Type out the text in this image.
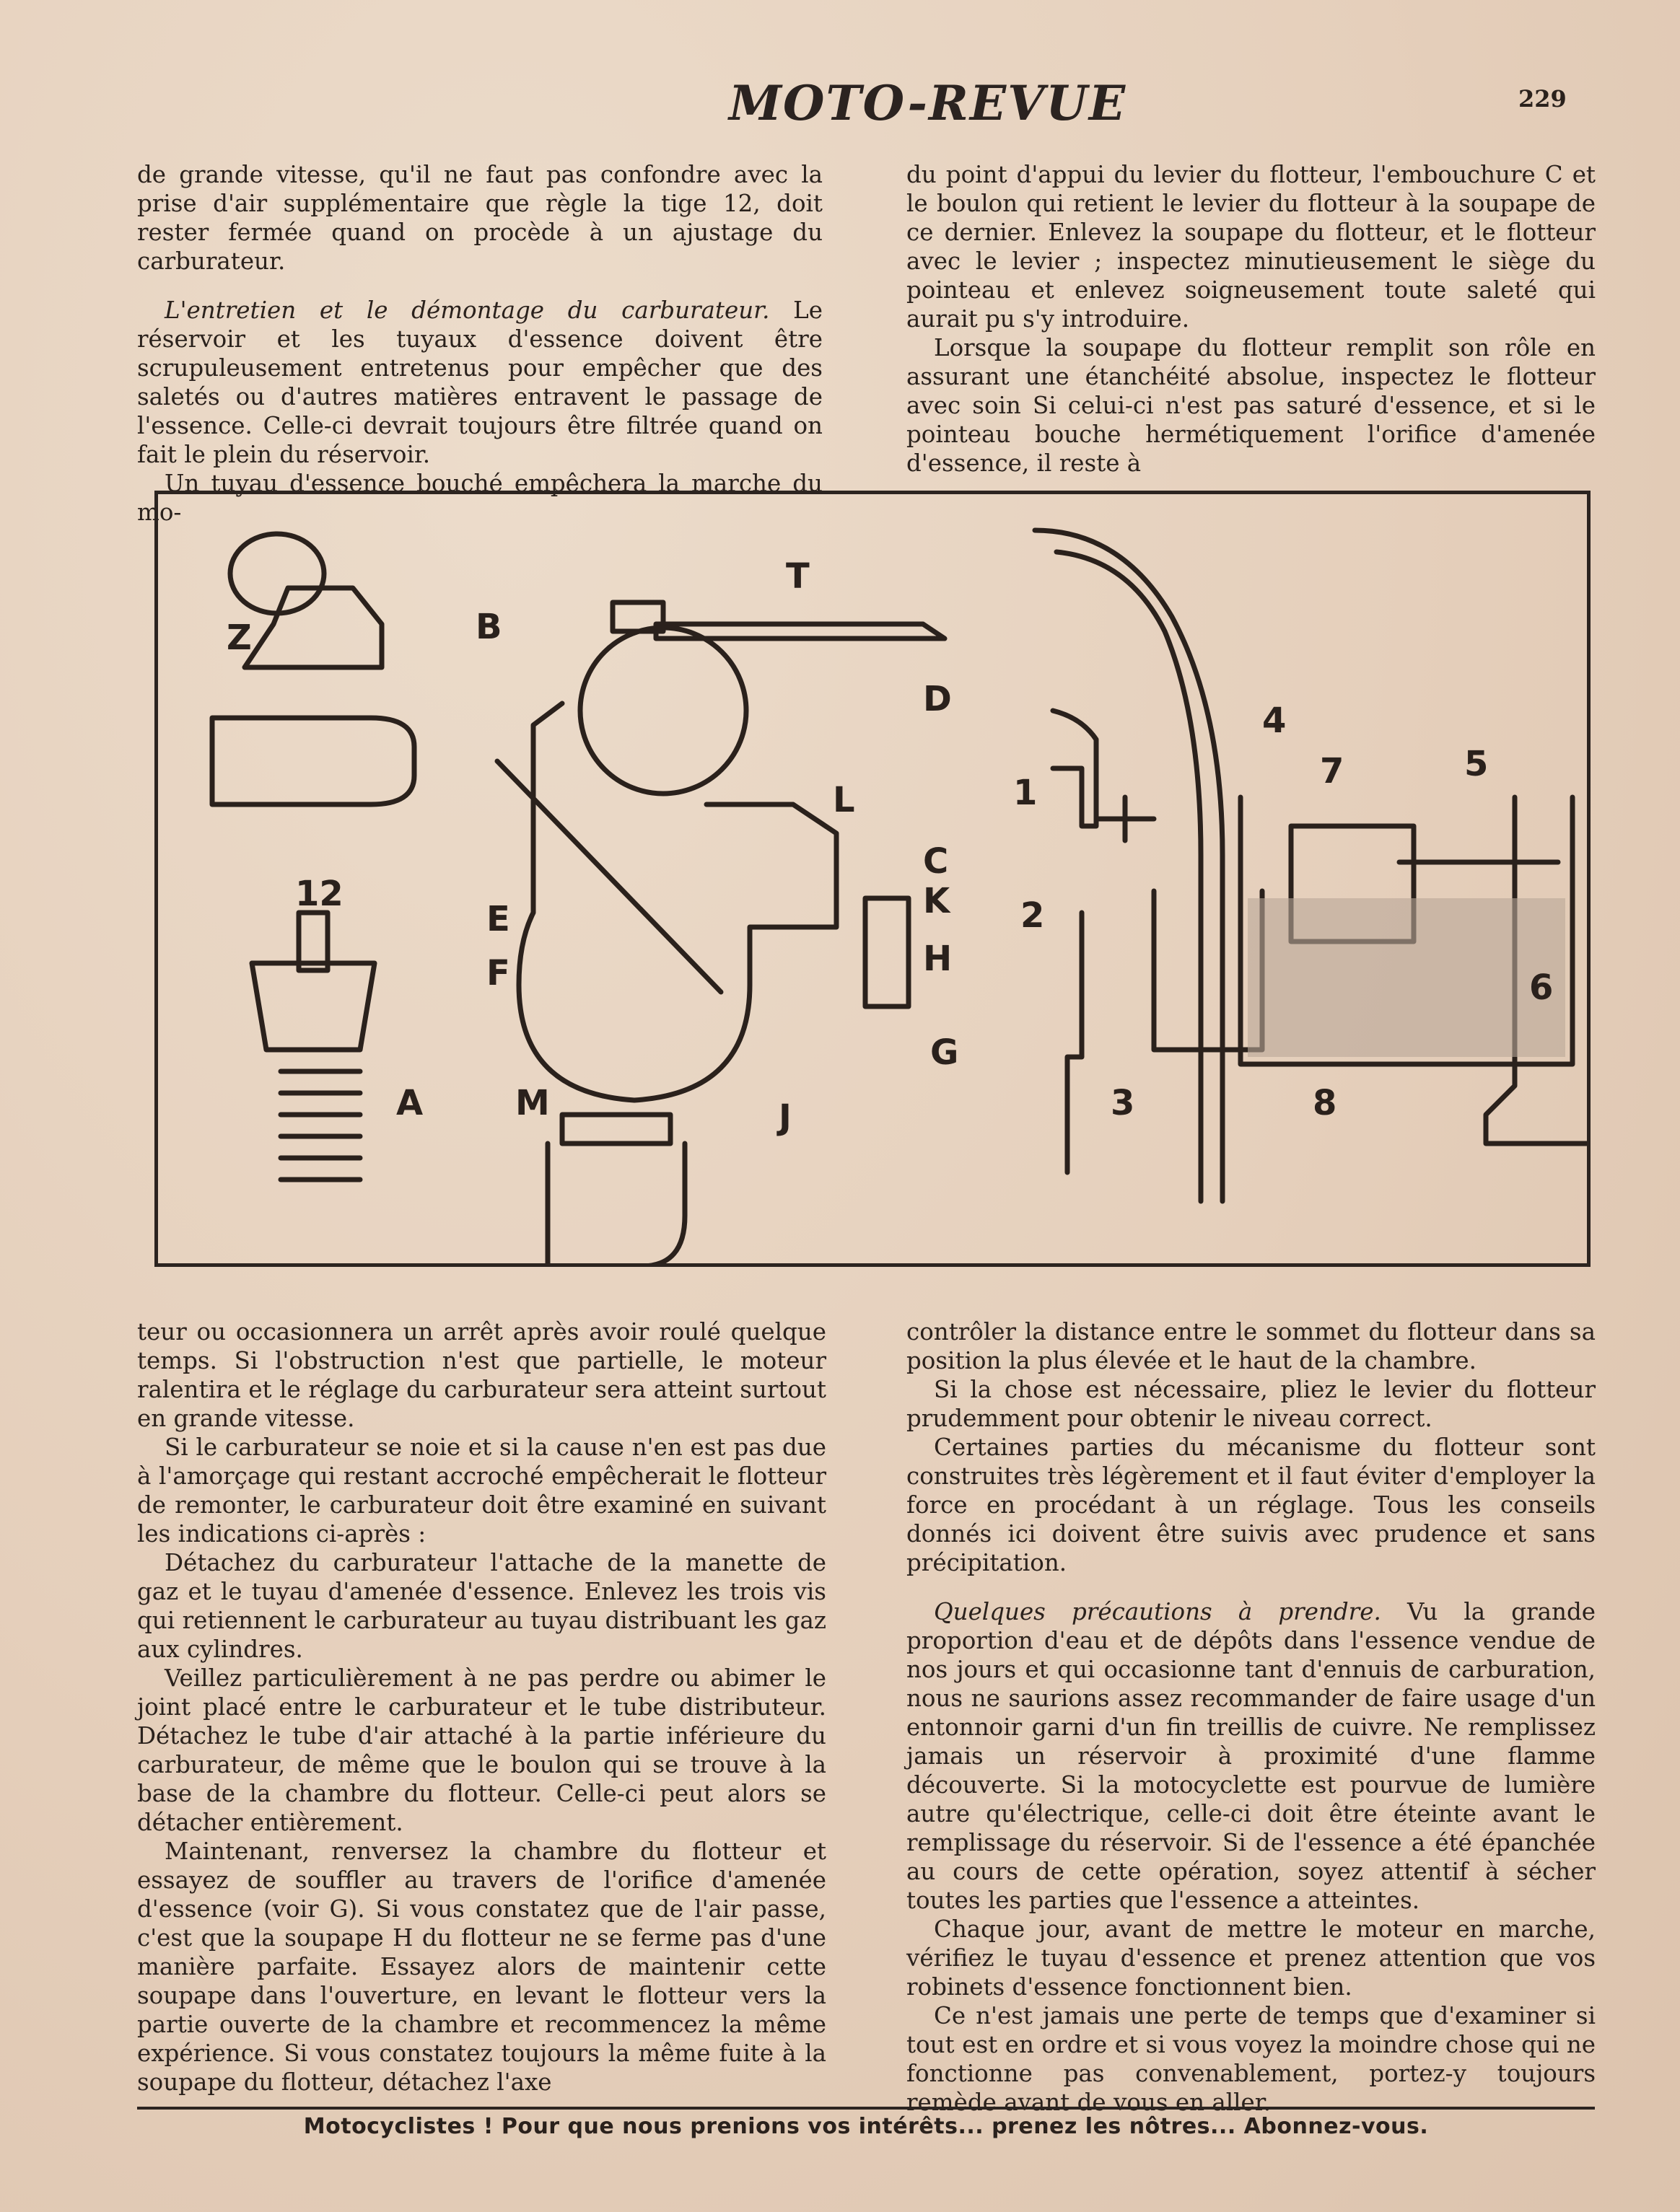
MOTO-REVUE	229

de grande vitesse, qu'il ne faut pas confondre avec la prise d'air supplémentaire que règle la tige 12, doit rester fermée quand on procède à un ajustage du carburateur.

L'entretien et le démontage du carburateur. Le réservoir et les tuyaux d'essence doivent être scrupuleusement entretenus pour empêcher que des saletés ou d'autres matières entravent le passage de l'essence. Celle-ci devrait toujours être filtrée quand on fait le plein du réservoir.

Un tuyau d'essence bouché empêchera la marche du mo-

du point d'appui du levier du flotteur, l'embouchure C et le boulon qui retient le levier du flotteur à la soupape de ce dernier. Enlevez la soupape du flotteur, et le flotteur avec le levier ; inspectez minutieusement le siège du pointeau et enlevez soigneusement toute saleté qui aurait pu s'y introduire.

Lorsque la soupape du flotteur remplit son rôle en assurant une étanchéité absolue, inspectez le flotteur avec soin Si celui-ci n'est pas saturé d'essence, et si le pointeau bouche hermétiquement l'orifice d'amenée d'essence, il reste à

Z	B
T
D
L
C
K
E
F	H
G
M	J
12
A
4
5
7
1
2
6
3	8

teur ou occasionnera un arrêt après avoir roulé quelque temps. Si l'obstruction n'est que partielle, le moteur ralentira et le réglage du carburateur sera atteint surtout en grande vitesse.

Si le carburateur se noie et si la cause n'en est pas due à l'amorçage qui restant accroché empêcherait le flotteur de remonter, le carburateur doit être examiné en suivant les indications ci-après :

Détachez du carburateur l'attache de la manette de gaz et le tuyau d'amenée d'essence. Enlevez les trois vis qui retiennent le carburateur au tuyau distribuant les gaz aux cylindres.

Veillez particulièrement à ne pas perdre ou abimer le joint placé entre le carburateur et le tube distributeur. Détachez le tube d'air attaché à la partie inférieure du carburateur, de même que le boulon qui se trouve à la base de la chambre du flotteur. Celle-ci peut alors se détacher entièrement.

Maintenant, renversez la chambre du flotteur et essayez de souffler au travers de l'orifice d'amenée d'essence (voir G). Si vous constatez que de l'air passe, c'est que la soupape H du flotteur ne se ferme pas d'une manière parfaite. Essayez alors de maintenir cette soupape dans l'ouverture, en levant le flotteur vers la partie ouverte de la chambre et recommencez la même expérience. Si vous constatez toujours la même fuite à la soupape du flotteur, détachez l'axe

contrôler la distance entre le sommet du flotteur dans sa position la plus élevée et le haut de la chambre.

Si la chose est nécessaire, pliez le levier du flotteur prudemment pour obtenir le niveau correct.

Certaines parties du mécanisme du flotteur sont construites très légèrement et il faut éviter d'employer la force en procédant à un réglage. Tous les conseils donnés ici doivent être suivis avec prudence et sans précipitation.

Quelques précautions à prendre. Vu la grande proportion d'eau et de dépôts dans l'essence vendue de nos jours et qui occasionne tant d'ennuis de carburation, nous ne saurions assez recommander de faire usage d'un entonnoir garni d'un fin treillis de cuivre. Ne remplissez jamais un réservoir à proximité d'une flamme découverte. Si la motocyclette est pourvue de lumière autre qu'électrique, celle-ci doit être éteinte avant le remplissage du réservoir. Si de l'essence a été épanchée au cours de cette opération, soyez attentif à sécher toutes les parties que l'essence a atteintes.

Chaque jour, avant de mettre le moteur en marche, vérifiez le tuyau d'essence et prenez attention que vos robinets d'essence fonctionnent bien.

Ce n'est jamais une perte de temps que d'examiner si tout est en ordre et si vous voyez la moindre chose qui ne fonctionne pas convenablement, portez-y toujours remède avant de vous en aller.

Motocyclistes ! Pour que nous prenions vos intérêts... prenez les nôtres... Abonnez-vous.
